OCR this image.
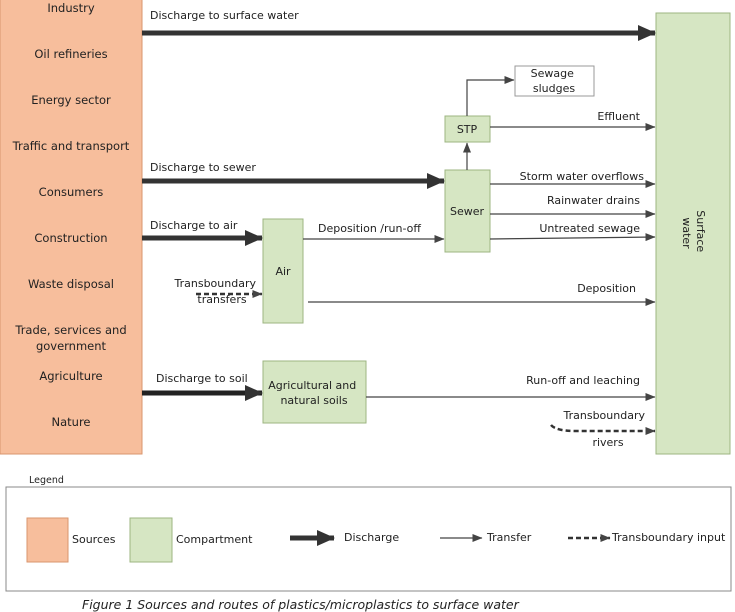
Industry
Oil refineries
Energy sector
Traffic and transport
Consumers
Construction
Waste disposal
Trade, services and government
Agriculture
Nature
Surface water
Discharge to surface water
Sewage sludges
STP
Effluent
Sewer
Discharge to sewer
Storm water overflows
Rainwater drains
Untreated sewage
Air
Discharge to air	Deposition /run-off
Transboundary transfers
Deposition
Agricultural and natural soils
Discharge to soil	Run-off and leaching
Transboundary rivers
Legend
Sources	Compartment	Discharge	Transfer	Transboundary input
Figure 1 Sources and routes of plastics/microplastics to surface water
